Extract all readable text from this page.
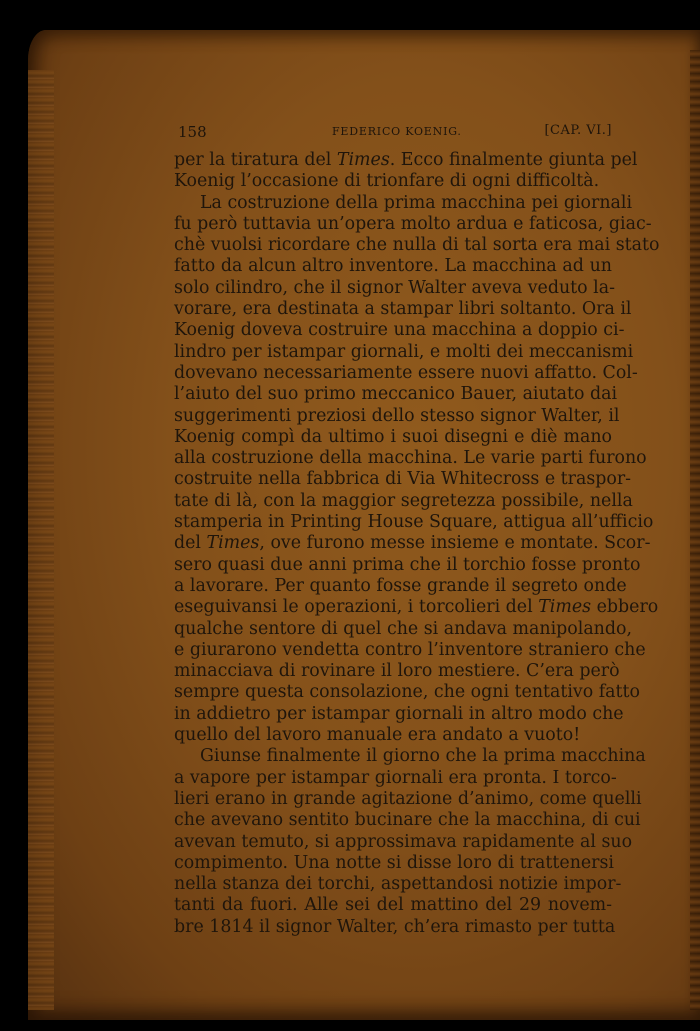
158	FEDERICO KOENIG.	[CAP. VI.]
per la tiratura del Times. Ecco finalmente giunta pel
Koenig l’occasione di trionfare di ogni difficoltà.
La costruzione della prima macchina pei giornali
fu però tuttavia un’opera molto ardua e faticosa, giac-
chè vuolsi ricordare che nulla di tal sorta era mai stato
fatto da alcun altro inventore. La macchina ad un
solo cilindro, che il signor Walter aveva veduto la-
vorare, era destinata a stampar libri soltanto. Ora il
Koenig doveva costruire una macchina a doppio ci-
lindro per istampar giornali, e molti dei meccanismi
dovevano necessariamente essere nuovi affatto. Col-
l’aiuto del suo primo meccanico Bauer, aiutato dai
suggerimenti preziosi dello stesso signor Walter, il
Koenig compì da ultimo i suoi disegni e diè mano
alla costruzione della macchina. Le varie parti furono
costruite nella fabbrica di Via Whitecross e traspor-
tate di là, con la maggior segretezza possibile, nella
stamperia in Printing House Square, attigua all’ufficio
del Times, ove furono messe insieme e montate. Scor-
sero quasi due anni prima che il torchio fosse pronto
a lavorare. Per quanto fosse grande il segreto onde
eseguivansi le operazioni, i torcolieri del Times ebbero
qualche sentore di quel che si andava manipolando,
e giurarono vendetta contro l’inventore straniero che
minacciava di rovinare il loro mestiere. C’era però
sempre questa consolazione, che ogni tentativo fatto
in addietro per istampar giornali in altro modo che
quello del lavoro manuale era andato a vuoto!
Giunse finalmente il giorno che la prima macchina
a vapore per istampar giornali era pronta. I torco-
lieri erano in grande agitazione d’animo, come quelli
che avevano sentito bucinare che la macchina, di cui
avevan temuto, si approssimava rapidamente al suo
compimento. Una notte si disse loro di trattenersi
nella stanza dei torchi, aspettandosi notizie impor-
tanti da fuori. Alle sei del mattino del 29 novem-
bre 1814 il signor Walter, ch’era rimasto per tutta
